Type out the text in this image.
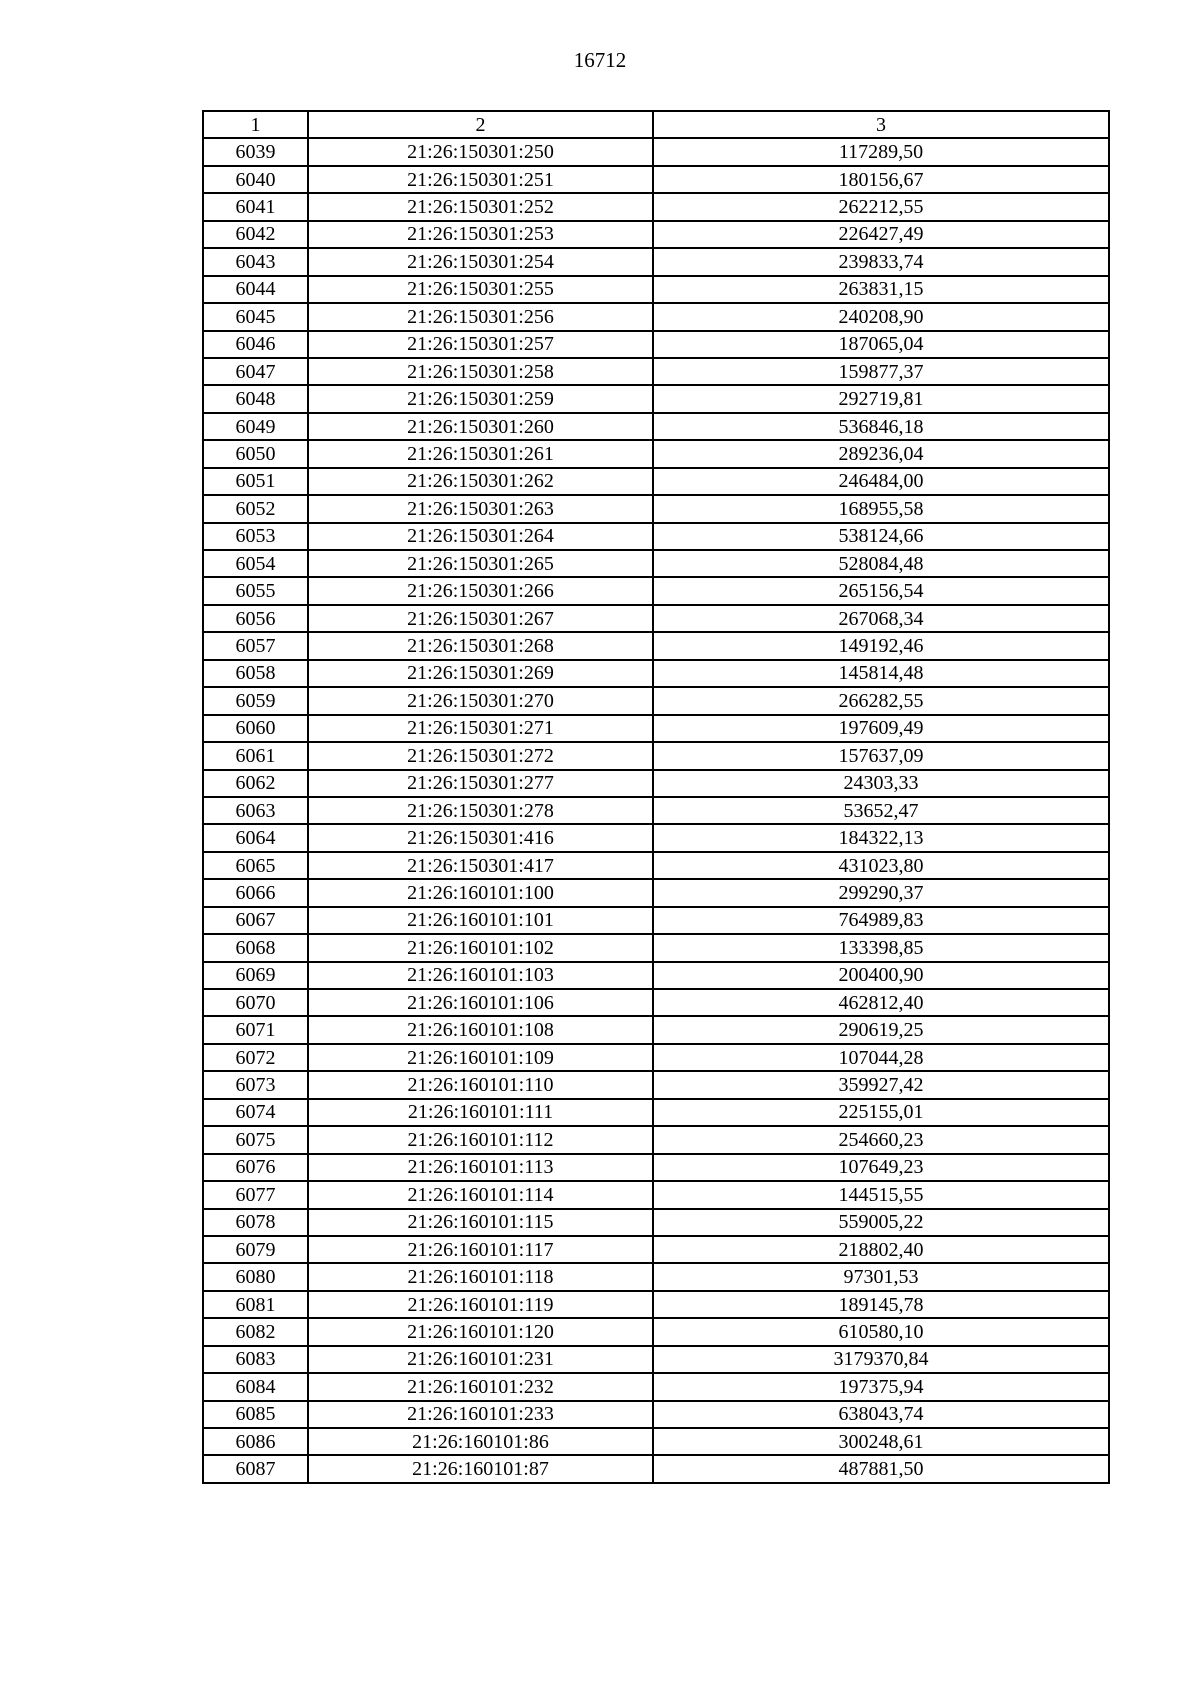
16712
1	2	3
6039	21:26:150301:250	117289,50
6040	21:26:150301:251	180156,67
6041	21:26:150301:252	262212,55
6042	21:26:150301:253	226427,49
6043	21:26:150301:254	239833,74
6044	21:26:150301:255	263831,15
6045	21:26:150301:256	240208,90
6046	21:26:150301:257	187065,04
6047	21:26:150301:258	159877,37
6048	21:26:150301:259	292719,81
6049	21:26:150301:260	536846,18
6050	21:26:150301:261	289236,04
6051	21:26:150301:262	246484,00
6052	21:26:150301:263	168955,58
6053	21:26:150301:264	538124,66
6054	21:26:150301:265	528084,48
6055	21:26:150301:266	265156,54
6056	21:26:150301:267	267068,34
6057	21:26:150301:268	149192,46
6058	21:26:150301:269	145814,48
6059	21:26:150301:270	266282,55
6060	21:26:150301:271	197609,49
6061	21:26:150301:272	157637,09
6062	21:26:150301:277	24303,33
6063	21:26:150301:278	53652,47
6064	21:26:150301:416	184322,13
6065	21:26:150301:417	431023,80
6066	21:26:160101:100	299290,37
6067	21:26:160101:101	764989,83
6068	21:26:160101:102	133398,85
6069	21:26:160101:103	200400,90
6070	21:26:160101:106	462812,40
6071	21:26:160101:108	290619,25
6072	21:26:160101:109	107044,28
6073	21:26:160101:110	359927,42
6074	21:26:160101:111	225155,01
6075	21:26:160101:112	254660,23
6076	21:26:160101:113	107649,23
6077	21:26:160101:114	144515,55
6078	21:26:160101:115	559005,22
6079	21:26:160101:117	218802,40
6080	21:26:160101:118	97301,53
6081	21:26:160101:119	189145,78
6082	21:26:160101:120	610580,10
6083	21:26:160101:231	3179370,84
6084	21:26:160101:232	197375,94
6085	21:26:160101:233	638043,74
6086	21:26:160101:86	300248,61
6087	21:26:160101:87	487881,50
